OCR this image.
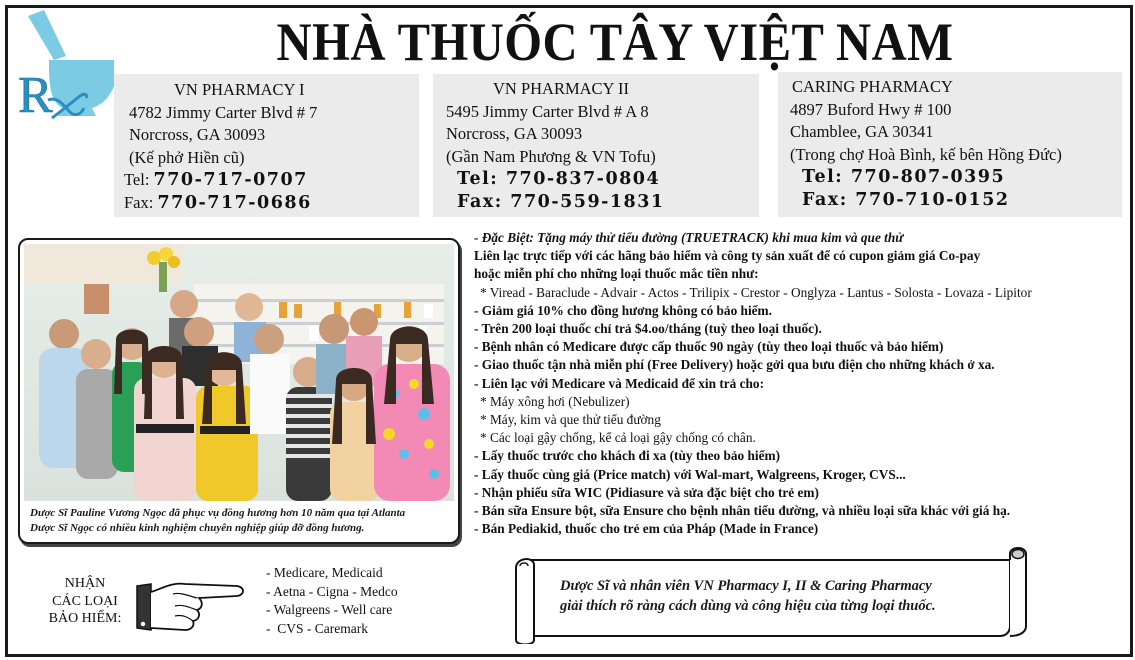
R
NHÀ THUỐC TÂY VIỆT NAM
VN PHARMACY I
4782 Jimmy Carter Blvd # 7
Norcross, GA 30093
(Kế phở Hiền cũ)
Tel: 770-717-0707
Fax: 770-717-0686
VN PHARMACY II
5495 Jimmy Carter Blvd # A 8
Norcross, GA 30093
(Gần Nam Phương & VN Tofu)
Tel: 770-837-0804
Fax: 770-559-1831
CARING PHARMACY
4897 Buford Hwy # 100
Chamblee, GA 30341
(Trong chợ Hoà Bình, kế bên Hồng Đức)
Tel: 770-807-0395
Fax: 770-710-0152
Dược Sĩ Pauline Vương Ngọc đã phục vụ đồng hương hơn 10 năm qua tại Atlanta
Dược Sĩ Ngọc có nhiều kinh nghiệm chuyên nghiệp giúp đỡ đồng hương.
- Đặc Biệt: Tặng máy thử tiểu đường (TRUETRACK) khi mua kim và que thử
Liên lạc trực tiếp với các hãng bảo hiểm và công ty sản xuất để có cupon giảm giá Co-pay
hoặc miễn phí cho những loại thuốc mắc tiền như:
* Viread - Baraclude - Advair - Actos - Trilipix - Crestor - Onglyza - Lantus - Solosta - Lovaza - Lipitor
- Giảm giá 10% cho đồng hương không có bảo hiểm.
- Trên 200 loại thuốc chỉ trả $4.oo/tháng (tuỳ theo loại thuốc).
- Bệnh nhân có Medicare được cấp thuốc 90 ngày (tùy theo loại thuốc và bảo hiểm)
- Giao thuốc tận nhà miễn phí (Free Delivery) hoặc gởi qua bưu điện cho những khách ở xa.
- Liên lạc với Medicare và Medicaid để xin trả cho:
* Máy xông hơi (Nebulizer)
* Máy, kim và que thử tiểu đường
* Các loại gậy chống, kể cả loại gậy chống có chân.
- Lấy thuốc trước cho khách đi xa (tùy theo bảo hiểm)
- Lấy thuốc cùng giá (Price match) với Wal-mart, Walgreens, Kroger, CVS...
- Nhận phiếu sữa WIC (Pidiasure và sửa đặc biệt cho trẻ em)
- Bán sữa Ensure bột, sữa Ensure cho bệnh nhân tiểu đường, và nhiều loại sữa khác với giá hạ.
- Bán Pediakid, thuốc cho trẻ em của Pháp (Made in France)
NHẬN
CÁC LOẠI
BẢO HIỂM:
- Medicare, Medicaid
- Aetna - Cigna - Medco
- Walgreens - Well care
-  CVS - Caremark
Dược Sĩ và nhân viên VN Pharmacy I, II & Caring Pharmacy
giải thích rõ ràng cách dùng và công hiệu của từng loại thuốc.
